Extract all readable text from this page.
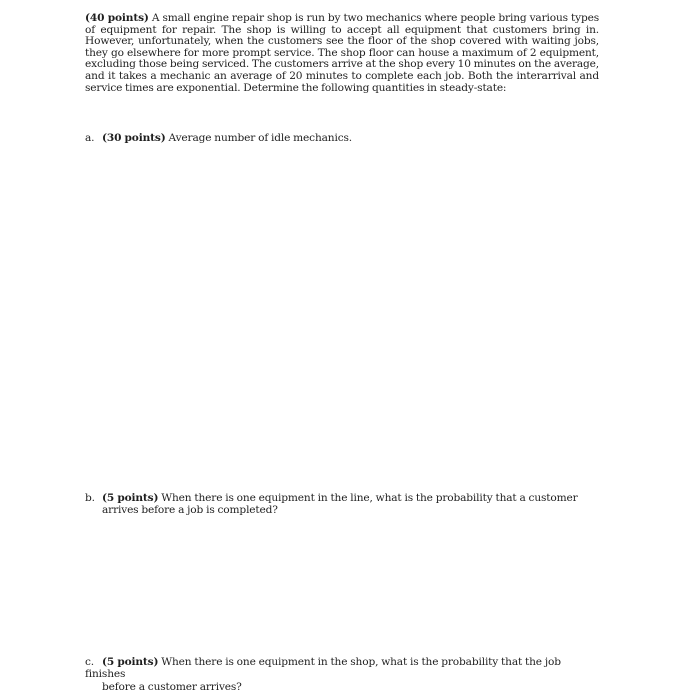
(40 points) A small engine repair shop is run by two mechanics where people bring various types of equipment for repair. The shop is willing to accept all equipment that customers bring in. However, unfortunately, when the customers see the floor of the shop covered with waiting jobs, they go elsewhere for more prompt service. The shop floor can house a maximum of 2 equipment, excluding those being serviced. The customers arrive at the shop every 10 minutes on the average, and it takes a mechanic an average of 20 minutes to complete each job. Both the interarrival and service times are exponential. Determine the following quantities in steady-state:
a. (30 points) Average number of idle mechanics.
b. (5 points) When there is one equipment in the line, what is the probability that a customer
arrives before a job is completed?
c. (5 points) When there is one equipment in the shop, what is the probability that the job finishes
before a customer arrives?
